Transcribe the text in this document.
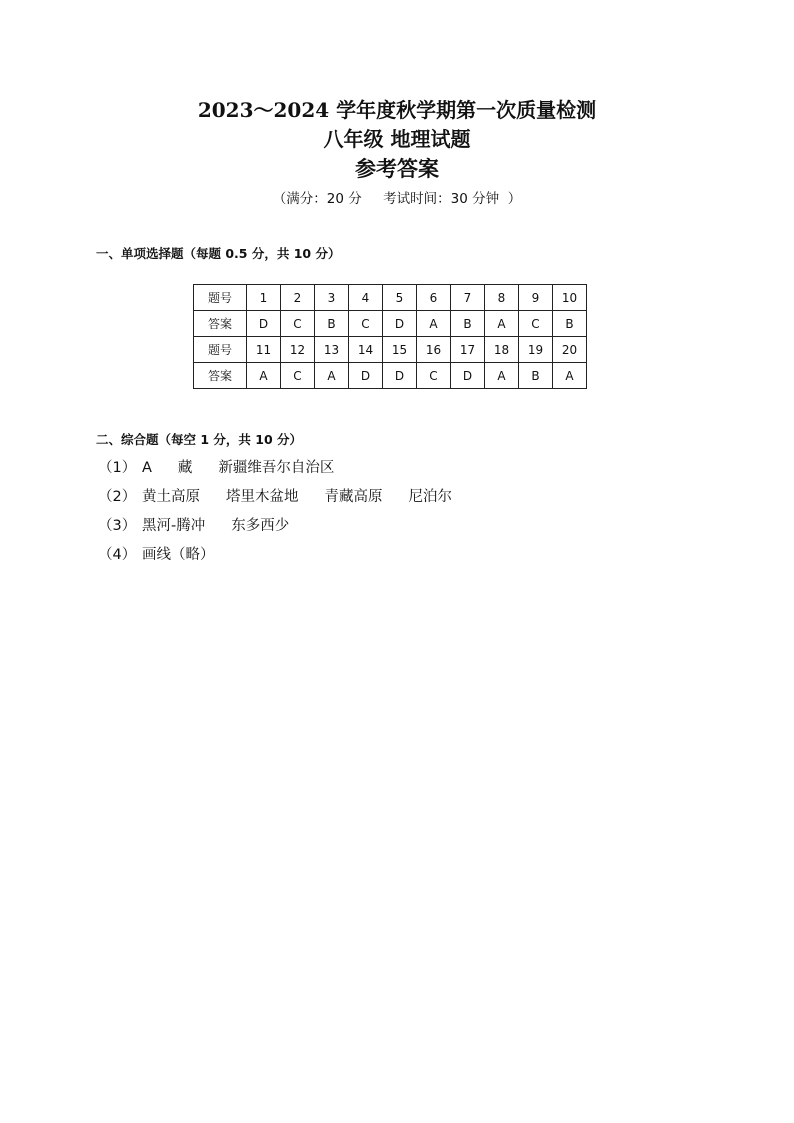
2023～2024 学年度秋学期第一次质量检测
八年级 地理试题
参考答案
（满分：20 分     考试时间：30 分钟  ）
一、单项选择题（每题 0.5 分，共 10 分）
题号	1	2	3	4	5	6	7	8	9	10
答案	D	C	B	C	D	A	B	A	C	B
题号	11	12	13	14	15	16	17	18	19	20
答案	A	C	A	D	D	C	D	A	B	A
二、综合题（每空 1 分，共 10 分）
（1） A 藏 新疆维吾尔自治区
（2） 黄土高原 塔里木盆地 青藏高原 尼泊尔
（3） 黑河-腾冲 东多西少
（4） 画线（略）
